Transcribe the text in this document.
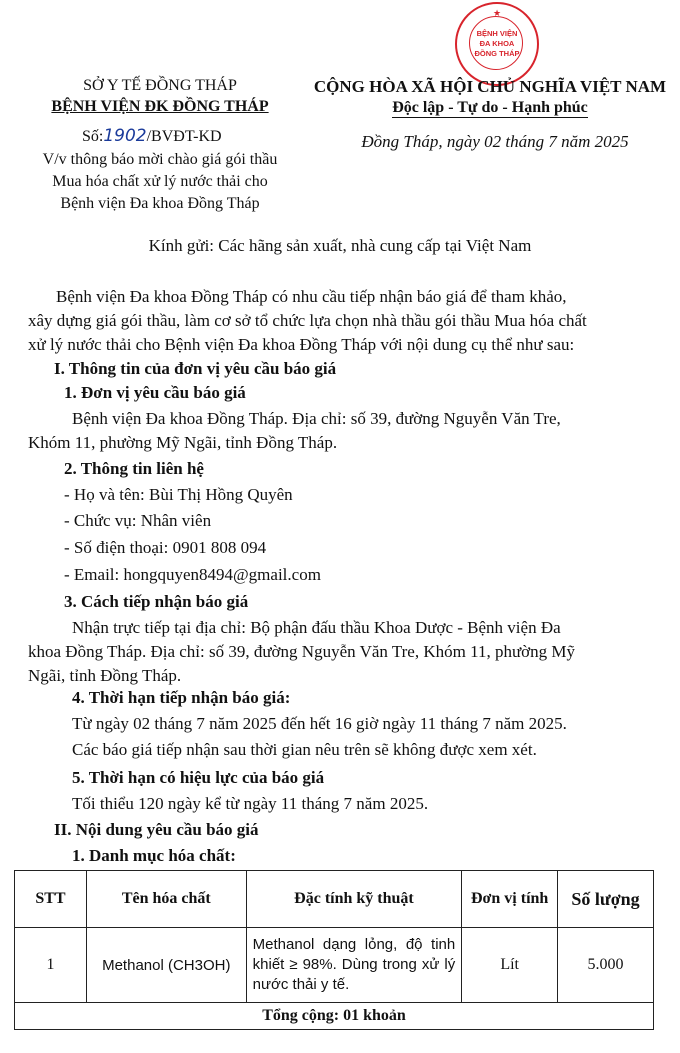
★
BỆNH VIỆN
ĐA KHOA
ĐỒNG THÁP
SỞ Y TẾ ĐỒNG THÁP
BỆNH VIỆN ĐK ĐỒNG THÁP
Số:1902/BVĐT-KD
V/v thông báo mời chào giá gói thầu
Mua hóa chất xử lý nước thải cho
Bệnh viện Đa khoa Đồng Tháp
CỘNG HÒA XÃ HỘI CHỦ NGHĨA VIỆT NAM
Độc lập - Tự do - Hạnh phúc
Đồng Tháp, ngày 02 tháng 7 năm 2025
Kính gửi: Các hãng sản xuất, nhà cung cấp tại Việt Nam
Bệnh viện Đa khoa Đồng Tháp có nhu cầu tiếp nhận báo giá để tham khảo,
xây dựng giá gói thầu, làm cơ sở tổ chức lựa chọn nhà thầu gói thầu Mua hóa chất
xử lý nước thải cho Bệnh viện Đa khoa Đồng Tháp với nội dung cụ thể như sau:
I. Thông tin của đơn vị yêu cầu báo giá
1. Đơn vị yêu cầu báo giá
Bệnh viện Đa khoa Đồng Tháp. Địa chỉ: số 39, đường Nguyễn Văn Tre,
Khóm 11, phường Mỹ Ngãi, tỉnh Đồng Tháp.
2. Thông tin liên hệ
- Họ và tên: Bùi Thị Hồng Quyên
- Chức vụ: Nhân viên
- Số điện thoại: 0901 808 094
- Email: hongquyen8494@gmail.com
3. Cách tiếp nhận báo giá
Nhận trực tiếp tại địa chỉ: Bộ phận đấu thầu Khoa Dược - Bệnh viện Đa
khoa Đồng Tháp. Địa chỉ: số 39, đường Nguyễn Văn Tre, Khóm 11, phường Mỹ
Ngãi, tỉnh Đồng Tháp.
4. Thời hạn tiếp nhận báo giá:
Từ ngày 02 tháng 7 năm 2025 đến hết 16 giờ ngày 11 tháng 7 năm 2025.
Các báo giá tiếp nhận sau thời gian nêu trên sẽ không được xem xét.
5. Thời hạn có hiệu lực của báo giá
Tối thiểu 120 ngày kể từ ngày 11 tháng 7 năm 2025.
II. Nội dung yêu cầu báo giá
1. Danh mục hóa chất:
STT	Tên hóa chất	Đặc tính kỹ thuật	Đơn vị tính	Số lượng
1	Methanol (CH3OH)	Methanol dạng lỏng, độ tinh khiết ≥ 98%. Dùng trong xử lý nước thải y tế.	Lít	5.000
Tổng cộng: 01 khoản				
